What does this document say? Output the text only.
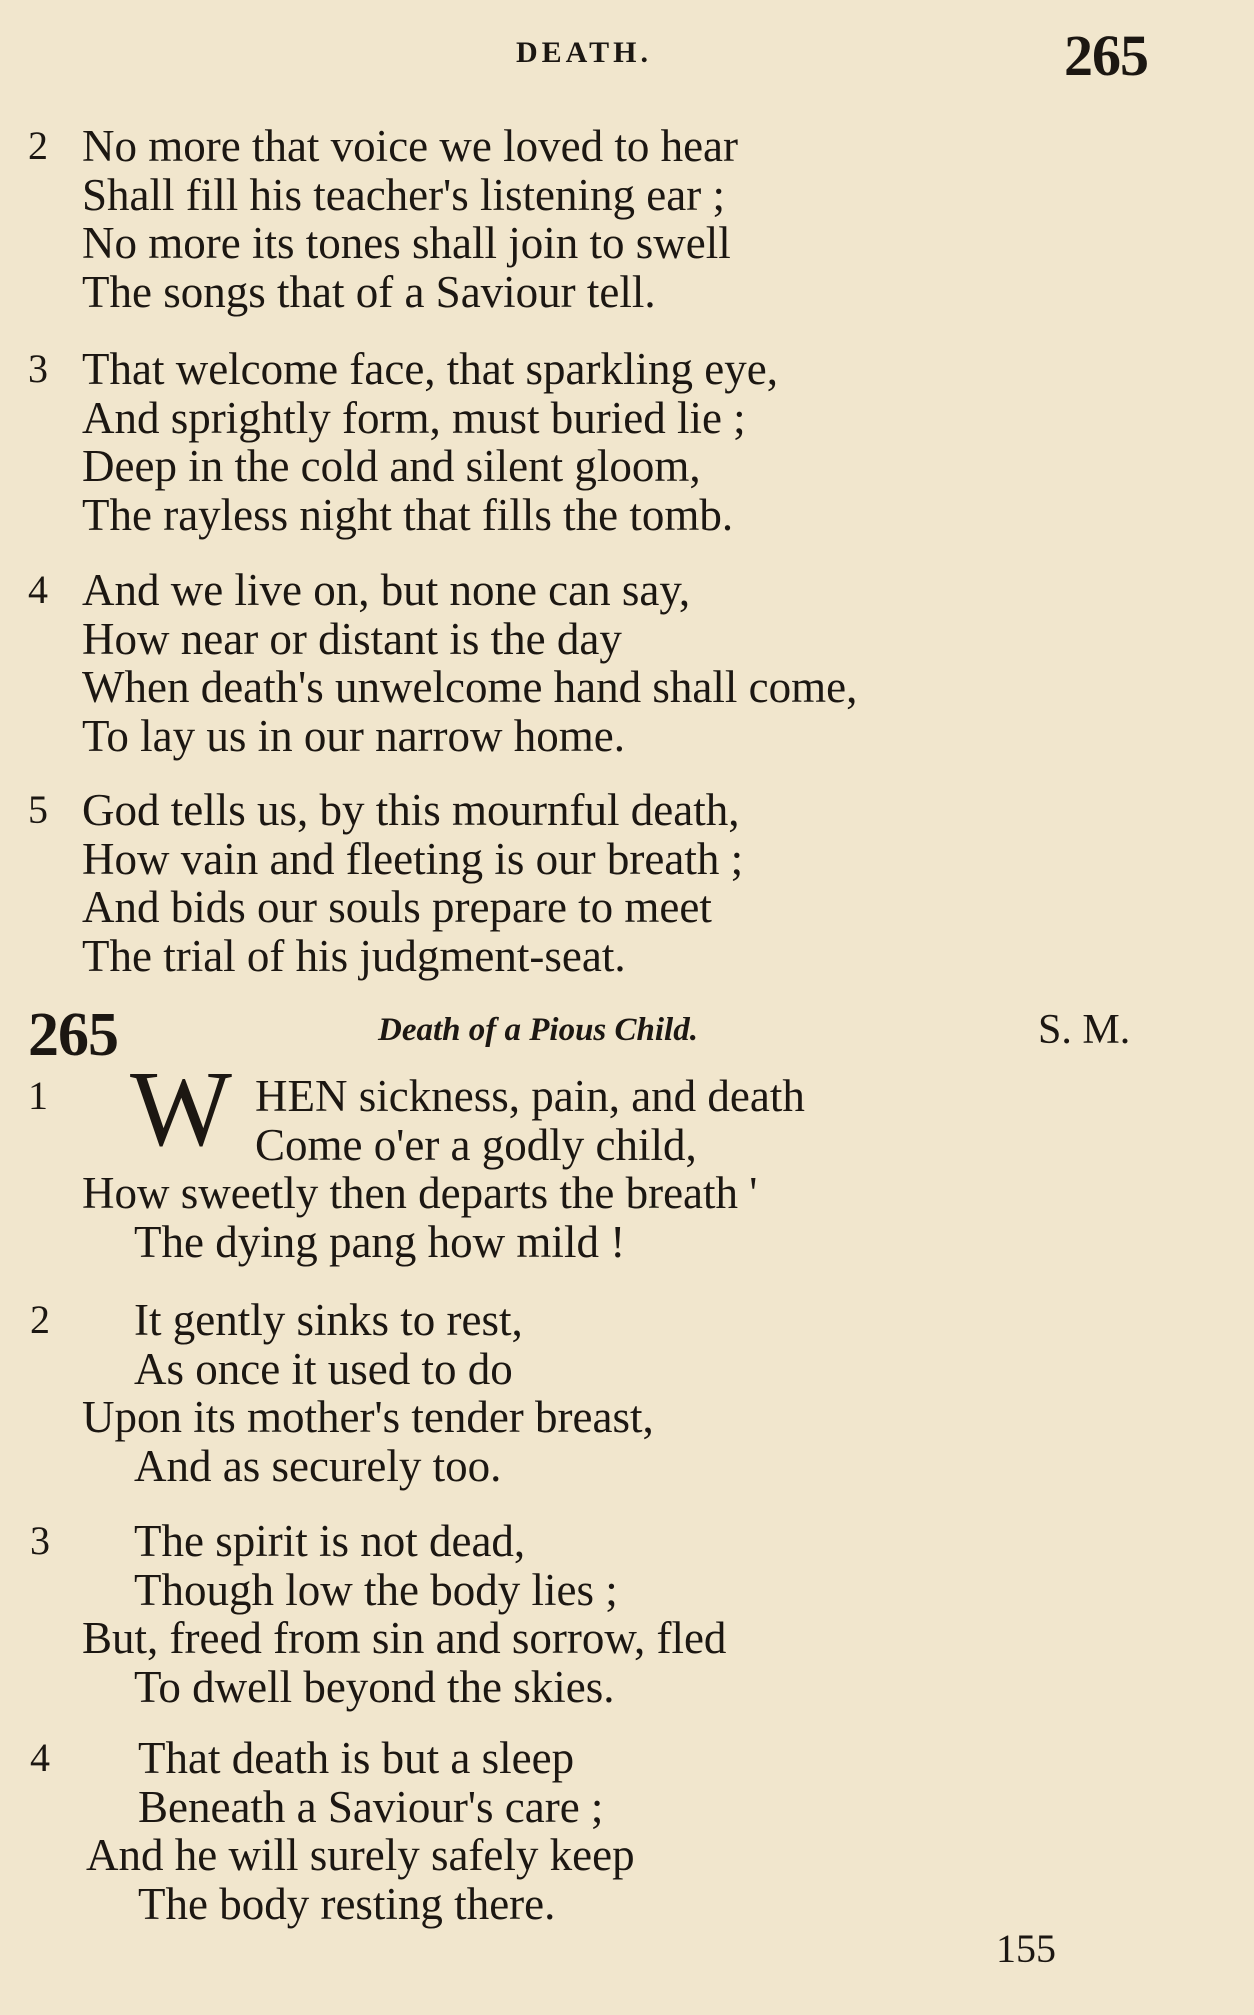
DEATH.	265
2 No more that voice we loved to hear
Shall fill his teacher's listening ear ;
No more its tones shall join to swell
The songs that of a Saviour tell.
3 That welcome face, that sparkling eye,
And sprightly form, must buried lie ;
Deep in the cold and silent gloom,
The rayless night that fills the tomb.
4 And we live on, but none can say,
How near or distant is the day
When death's unwelcome hand shall come,
To lay us in our narrow home.
5 God tells us, by this mournful death,
How vain and fleeting is our breath ;
And bids our souls prepare to meet
The trial of his judgment-seat.
265	Death of a Pious Child.	S. M.
1 W HEN sickness, pain, and death
Come o'er a godly child,
How sweetly then departs the breath '
The dying pang how mild !
2	It gently sinks to rest,
As once it used to do
Upon its mother's tender breast,
And as securely too.
3	The spirit is not dead,
Though low the body lies ;
But, freed from sin and sorrow, fled
To dwell beyond the skies.
4	That death is but a sleep
Beneath a Saviour's care ;
And he will surely safely keep
The body resting there.
155
